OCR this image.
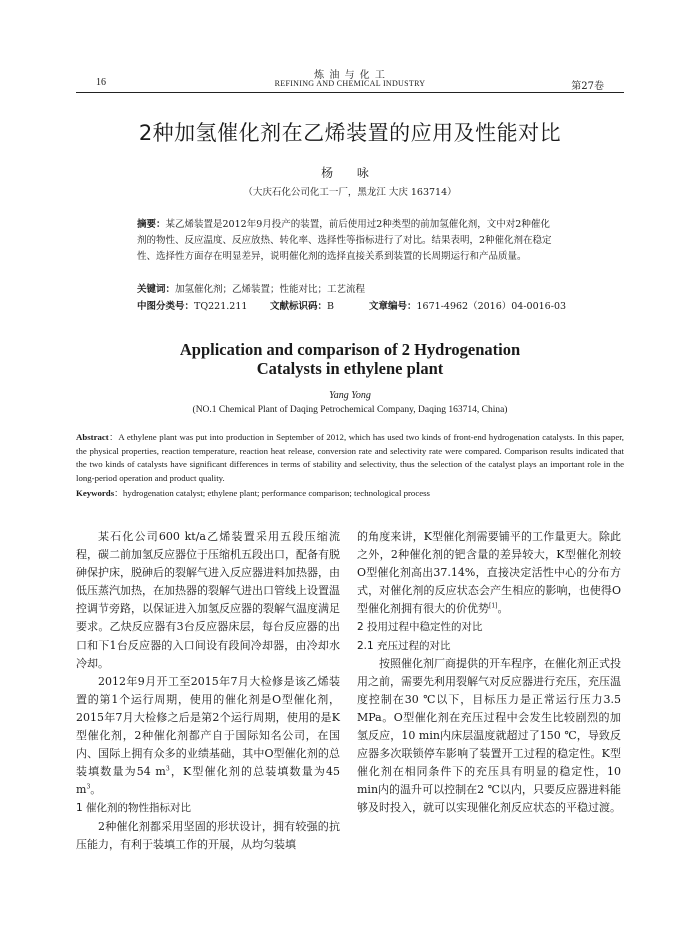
炼 油 与 化 工
REFINING AND CHEMICAL INDUSTRY
16	第27卷
2种加氢催化剂在乙烯装置的应用及性能对比
杨 咏
（大庆石化公司化工一厂，黑龙江 大庆 163714）
摘要：某乙烯装置是2012年9月投产的装置，前后使用过2种类型的前加氢催化剂，文中对2种催化剂的物性、反应温度、反应放热、转化率、选择性等指标进行了对比。结果表明，2种催化剂在稳定性、选择性方面存在明显差异，说明催化剂的选择直接关系到装置的长周期运行和产品质量。
关键词：加氢催化剂；乙烯装置；性能对比；工艺流程
中图分类号：TQ221.211 文献标识码：B	文章编号：1671-4962（2016）04-0016-03
Application and comparison of 2 Hydrogenation
Catalysts in ethylene plant
Yang Yong
(NO.1 Chemical Plant of Daqing Petrochemical Company, Daqing 163714, China)
Abstract：A ethylene plant was put into production in September of 2012, which has used two kinds of front-end hydrogenation catalysts. In this paper, the physical properties, reaction temperature, reaction heat release, conversion rate and selectivity rate were compared. Comparison results indicated that the two kinds of catalysts have significant differences in terms of stability and selectivity, thus the selection of the catalyst plays an important role in the long-period operation and product quality.
Keywords：hydrogenation catalyst; ethylene plant; performance comparison; technological process

某石化公司600 kt/a乙烯装置采用五段压缩流程，碳二前加氢反应器位于压缩机五段出口，配备有脱砷保护床，脱砷后的裂解气进入反应器进料加热器，由低压蒸汽加热，在加热器的裂解气进出口管线上设置温控调节旁路，以保证进入加氢反应器的裂解气温度满足要求。乙炔反应器有3台反应器床层，每台反应器的出口和下1台反应器的入口间设有段间冷却器，由冷却水冷却。

2012年9月开工至2015年7月大检修是该乙烯装置的第1个运行周期，使用的催化剂是O型催化剂，2015年7月大检修之后是第2个运行周期，使用的是K型催化剂，2种催化剂都产自于国际知名公司，在国内、国际上拥有众多的业绩基础，其中O型催化剂的总装填数量为54 $m^3$，K型催化剂的总装填数量为45 $m^3$。

1 催化剂的物性指标对比

2种催化剂都采用坚固的形状设计，拥有较强的抗压能力，有利于装填工作的开展，从均匀装填

的角度来讲，K型催化剂需要铺平的工作量更大。除此之外，2种催化剂的钯含量的差异较大，K型催化剂较O型催化剂高出37.14%，直接决定活性中心的分布方式，对催化剂的反应状态会产生相应的影响，也使得O型催化剂拥有很大的价优势[1]。

2 投用过程中稳定性的对比
2.1 充压过程的对比

按照催化剂厂商提供的开车程序，在催化剂正式投用之前，需要先利用裂解气对反应器进行充压，充压温度控制在30 ℃以下，目标压力是正常运行压力3.5 MPa。O型催化剂在充压过程中会发生比较剧烈的加氢反应，10 min内床层温度就超过了150 ℃，导致反应器多次联锁停车影响了装置开工过程的稳定性。K型催化剂在相同条件下的充压具有明显的稳定性，10 min内的温升可以控制在2 ℃以内，只要反应器进料能够及时投入，就可以实现催化剂反应状态的平稳过渡。
